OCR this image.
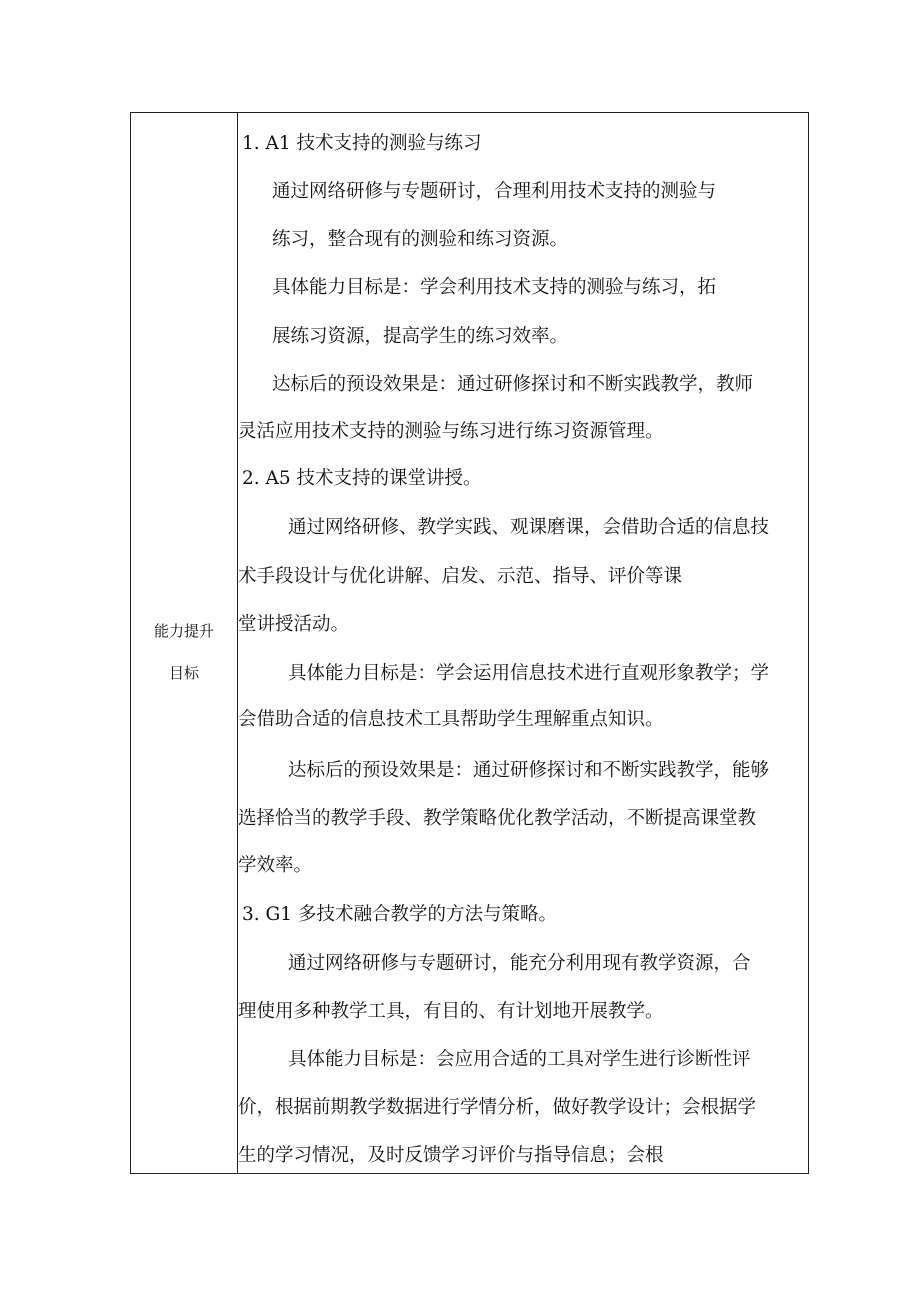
能力提升
目标
1. A1 技术支持的测验与练习
通过网络研修与专题研讨，合理利用技术支持的测验与
练习，整合现有的测验和练习资源。
具体能力目标是：学会利用技术支持的测验与练习，拓
展练习资源，提高学生的练习效率。
达标后的预设效果是：通过研修探讨和不断实践教学，教师
灵活应用技术支持的测验与练习进行练习资源管理。
2. A5 技术支持的课堂讲授。
通过网络研修、教学实践、观课磨课，会借助合适的信息技
术手段设计与优化讲解、启发、示范、指导、评价等课
堂讲授活动。
具体能力目标是：学会运用信息技术进行直观形象教学；学
会借助合适的信息技术工具帮助学生理解重点知识。
达标后的预设效果是：通过研修探讨和不断实践教学，能够
选择恰当的教学手段、教学策略优化教学活动，不断提高课堂教
学效率。
3. G1 多技术融合教学的方法与策略。
通过网络研修与专题研讨，能充分利用现有教学资源，合
理使用多种教学工具，有目的、有计划地开展教学。
具体能力目标是：会应用合适的工具对学生进行诊断性评
价，根据前期教学数据进行学情分析，做好教学设计；会根据学
生的学习情况，及时反馈学习评价与指导信息；会根
